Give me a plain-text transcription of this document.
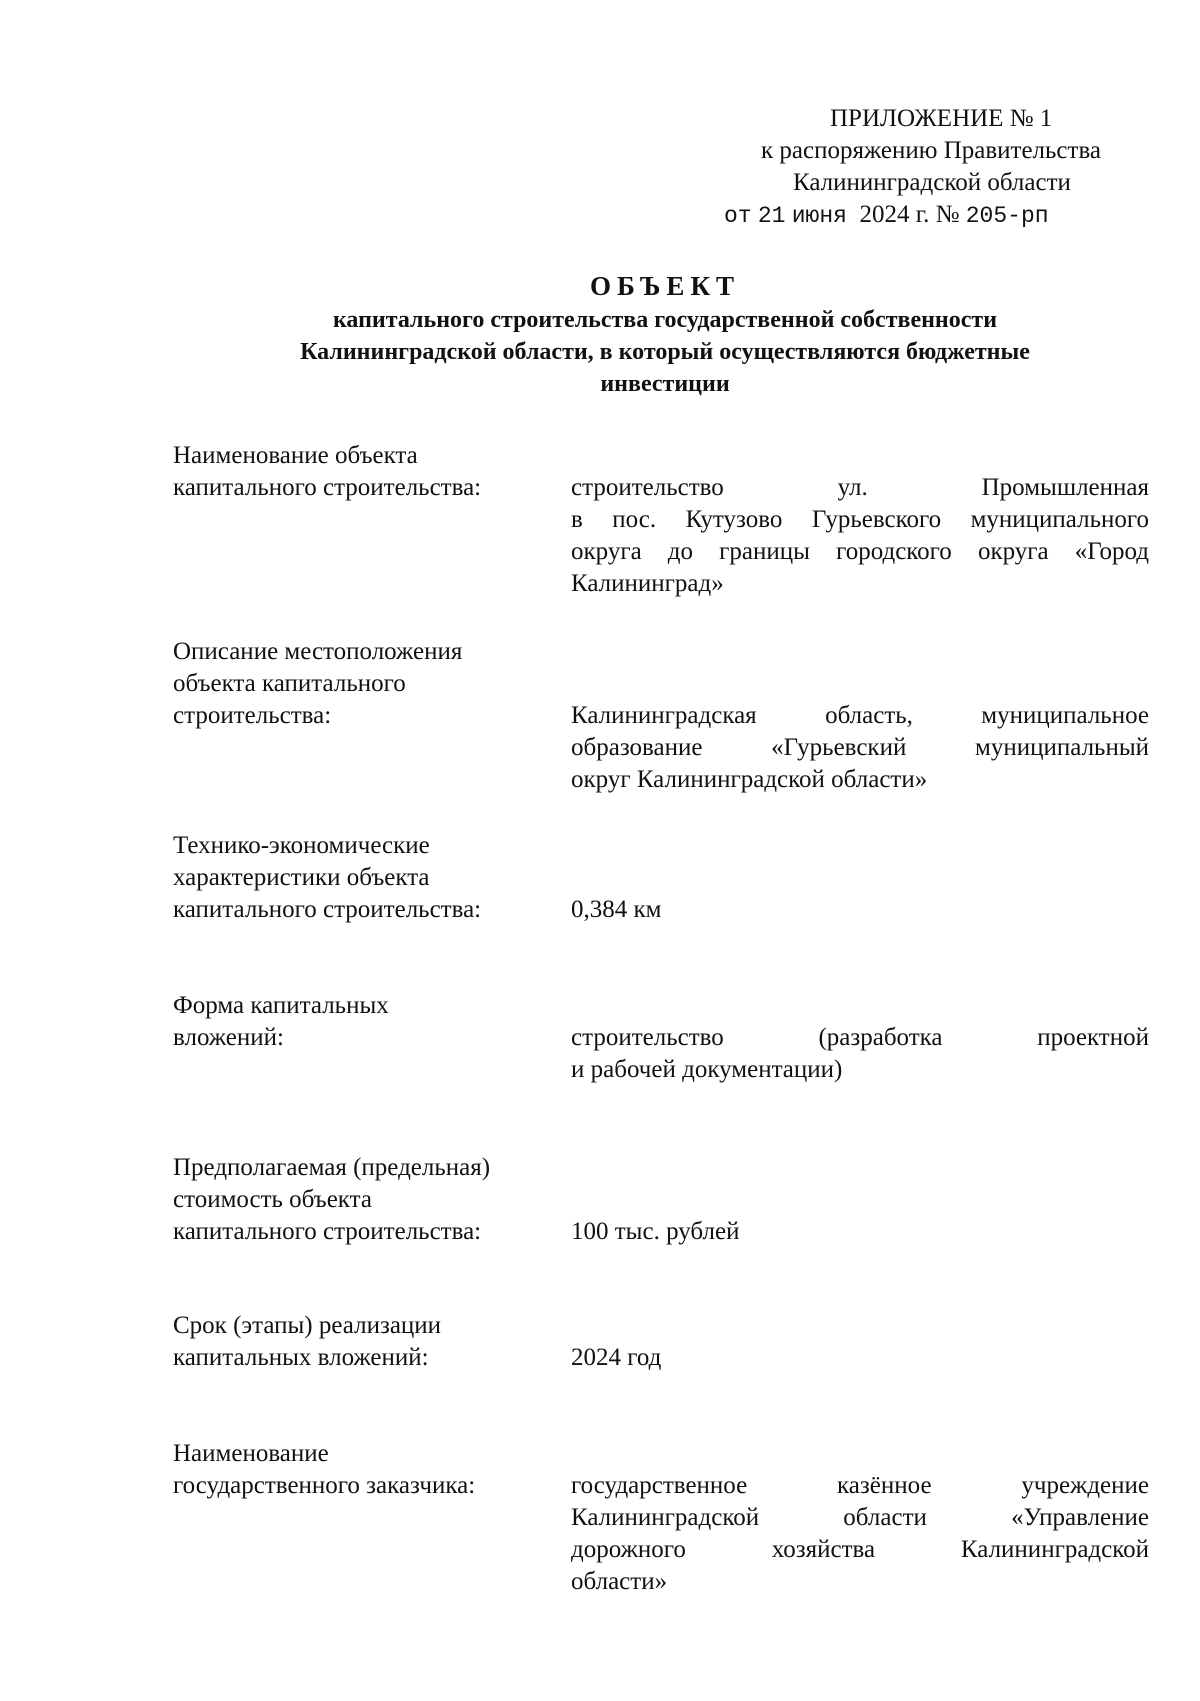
ПРИЛОЖЕНИЕ № 1
к распоряжению Правительства
Калининградской области
от 21 июня 2024 г. № 205-рп
ОБЪЕКТ
капитального строительства государственной собственности
Калининградской области, в который осуществляются бюджетные
инвестиции
Наименование объекта
капитального строительства:	строительство ул. Промышленная
в пос. Кутузово Гурьевского муниципального
округа до границы городского округа «Город
Калининград»
Описание местоположения
объекта капитального
строительства:	Калининградская область, муниципальное
образование «Гурьевский муниципальный
округ Калининградской области»
Технико-экономические
характеристики объекта
капитального строительства:	0,384 км
Форма капитальных
вложений:	строительство (разработка проектной
и рабочей документации)
Предполагаемая (предельная)
стоимость объекта
капитального строительства:	100 тыс. рублей
Срок (этапы) реализации
капитальных вложений:	2024 год
Наименование
государственного заказчика:	государственное казённое учреждение
Калининградской области «Управление
дорожного хозяйства Калининградской
области»
